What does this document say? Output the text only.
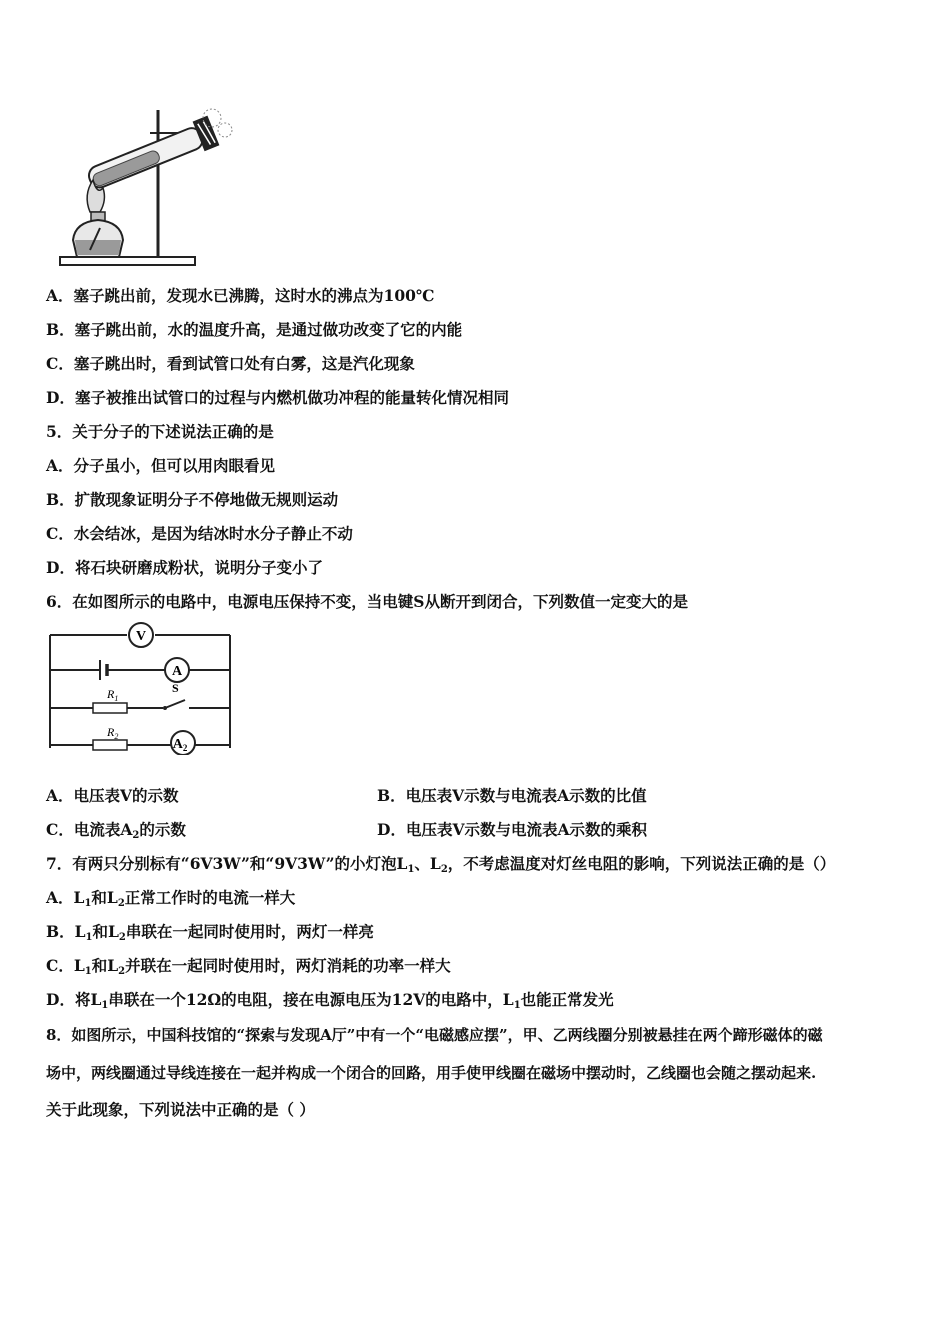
A．塞子跳出前，发现水已沸腾，这时水的沸点为100℃
B．塞子跳出前，水的温度升高，是通过做功改变了它的内能
C．塞子跳出时，看到试管口处有白雾，这是汽化现象
D．塞子被推出试管口的过程与内燃机做功冲程的能量转化情况相同
5．关于分子的下述说法正确的是
A．分子虽小，但可以用肉眼看见
B．扩散现象证明分子不停地做无规则运动
C．水会结冰，是因为结冰时水分子静止不动
D．将石块研磨成粉状，说明分子变小了
6．在如图所示的电路中，电源电压保持不变，当电键S从断开到闭合，下列数值一定变大的是
V
A
$R_1$
S
$R_2$
$A_2$
A．电压表V的示数	B．电压表V示数与电流表A示数的比值
C．电流表$A_2$的示数	D．电压表V示数与电流表A示数的乘积
7．有两只分别标有“6V3W”和“9V3W”的小灯泡$L_1$、$L_2$，不考虑温度对灯丝电阻的影响，下列说法正确的是（）
A．$L_1$和$L_2$正常工作时的电流一样大
B．$L_1$和$L_2$串联在一起同时使用时，两灯一样亮
C．$L_1$和$L_2$并联在一起同时使用时，两灯消耗的功率一样大
D．将$L_1$串联在一个12Ω的电阻，接在电源电压为12V的电路中，$L_1$也能正常发光
8．如图所示，中国科技馆的“探索与发现A厅”中有一个“电磁感应摆”，甲、乙两线圈分别被悬挂在两个蹄形磁体的磁
场中，两线圈通过导线连接在一起并构成一个闭合的回路，用手使甲线圈在磁场中摆动时，乙线圈也会随之摆动起来.
关于此现象，下列说法中正确的是（ ）
